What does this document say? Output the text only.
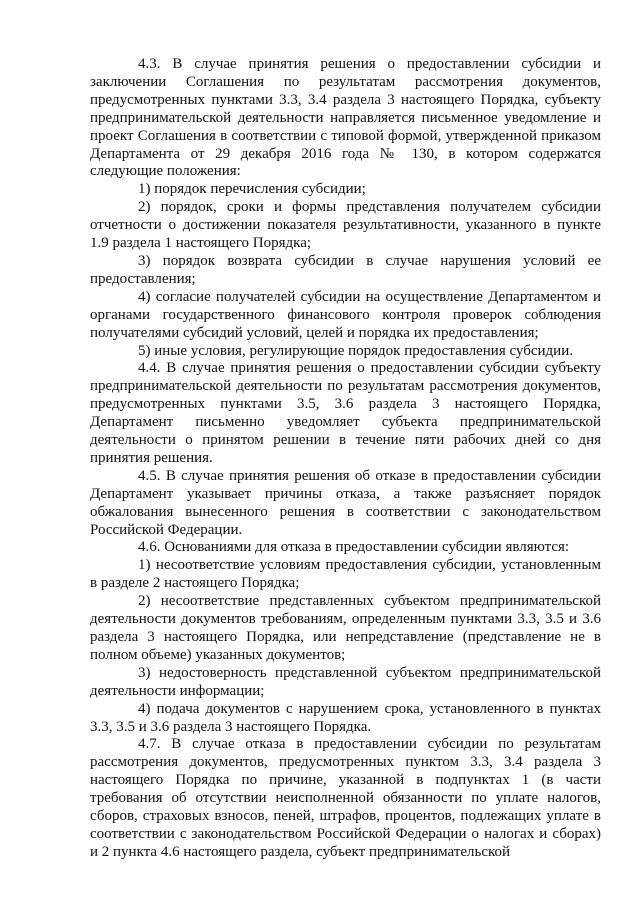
4.3. В случае принятия решения о предоставлении субсидии и заключении Соглашения по результатам рассмотрения документов, предусмотренных пунктами 3.3, 3.4 раздела 3 настоящего Порядка, субъекту предпринимательской деятельности направляется письменное уведомление и проект Соглашения в соответствии с типовой формой, утвержденной приказом Департамента от 29 декабря 2016 года № 130, в котором содержатся следующие положения:

1) порядок перечисления субсидии;

2) порядок, сроки и формы представления получателем субсидии отчетности о достижении показателя результативности, указанного в пункте 1.9 раздела 1 настоящего Порядка;

3) порядок возврата субсидии в случае нарушения условий ее предоставления;

4) согласие получателей субсидии на осуществление Департаментом и органами государственного финансового контроля проверок соблюдения получателями субсидий условий, целей и порядка их предоставления;

5) иные условия, регулирующие порядок предоставления субсидии.

4.4. В случае принятия решения о предоставлении субсидии субъекту предпринимательской деятельности по результатам рассмотрения документов, предусмотренных пунктами 3.5, 3.6 раздела 3 настоящего Порядка, Департамент письменно уведомляет субъекта предпринимательской деятельности о принятом решении в течение пяти рабочих дней со дня принятия решения.

4.5. В случае принятия решения об отказе в предоставлении субсидии Департамент указывает причины отказа, а также разъясняет порядок обжалования вынесенного решения в соответствии с законодательством Российской Федерации.

4.6. Основаниями для отказа в предоставлении субсидии являются:

1) несоответствие условиям предоставления субсидии, установленным в разделе 2 настоящего Порядка;

2) несоответствие представленных субъектом предпринимательской деятельности документов требованиям, определенным пунктами 3.3, 3.5 и 3.6 раздела 3 настоящего Порядка, или непредставление (представление не в полном объеме) указанных документов;

3) недостоверность представленной субъектом предпринимательской деятельности информации;

4) подача документов с нарушением срока, установленного в пунктах 3.3, 3.5 и 3.6 раздела 3 настоящего Порядка.

4.7. В случае отказа в предоставлении субсидии по результатам рассмотрения документов, предусмотренных пунктом 3.3, 3.4 раздела 3 настоящего Порядка по причине, указанной в подпунктах 1 (в части требования об отсутствии неисполненной обязанности по уплате налогов, сборов, страховых взносов, пеней, штрафов, процентов, подлежащих уплате в соответствии с законодательством Российской Федерации о налогах и сборах) и 2 пункта 4.6 настоящего раздела, субъект предпринимательской
